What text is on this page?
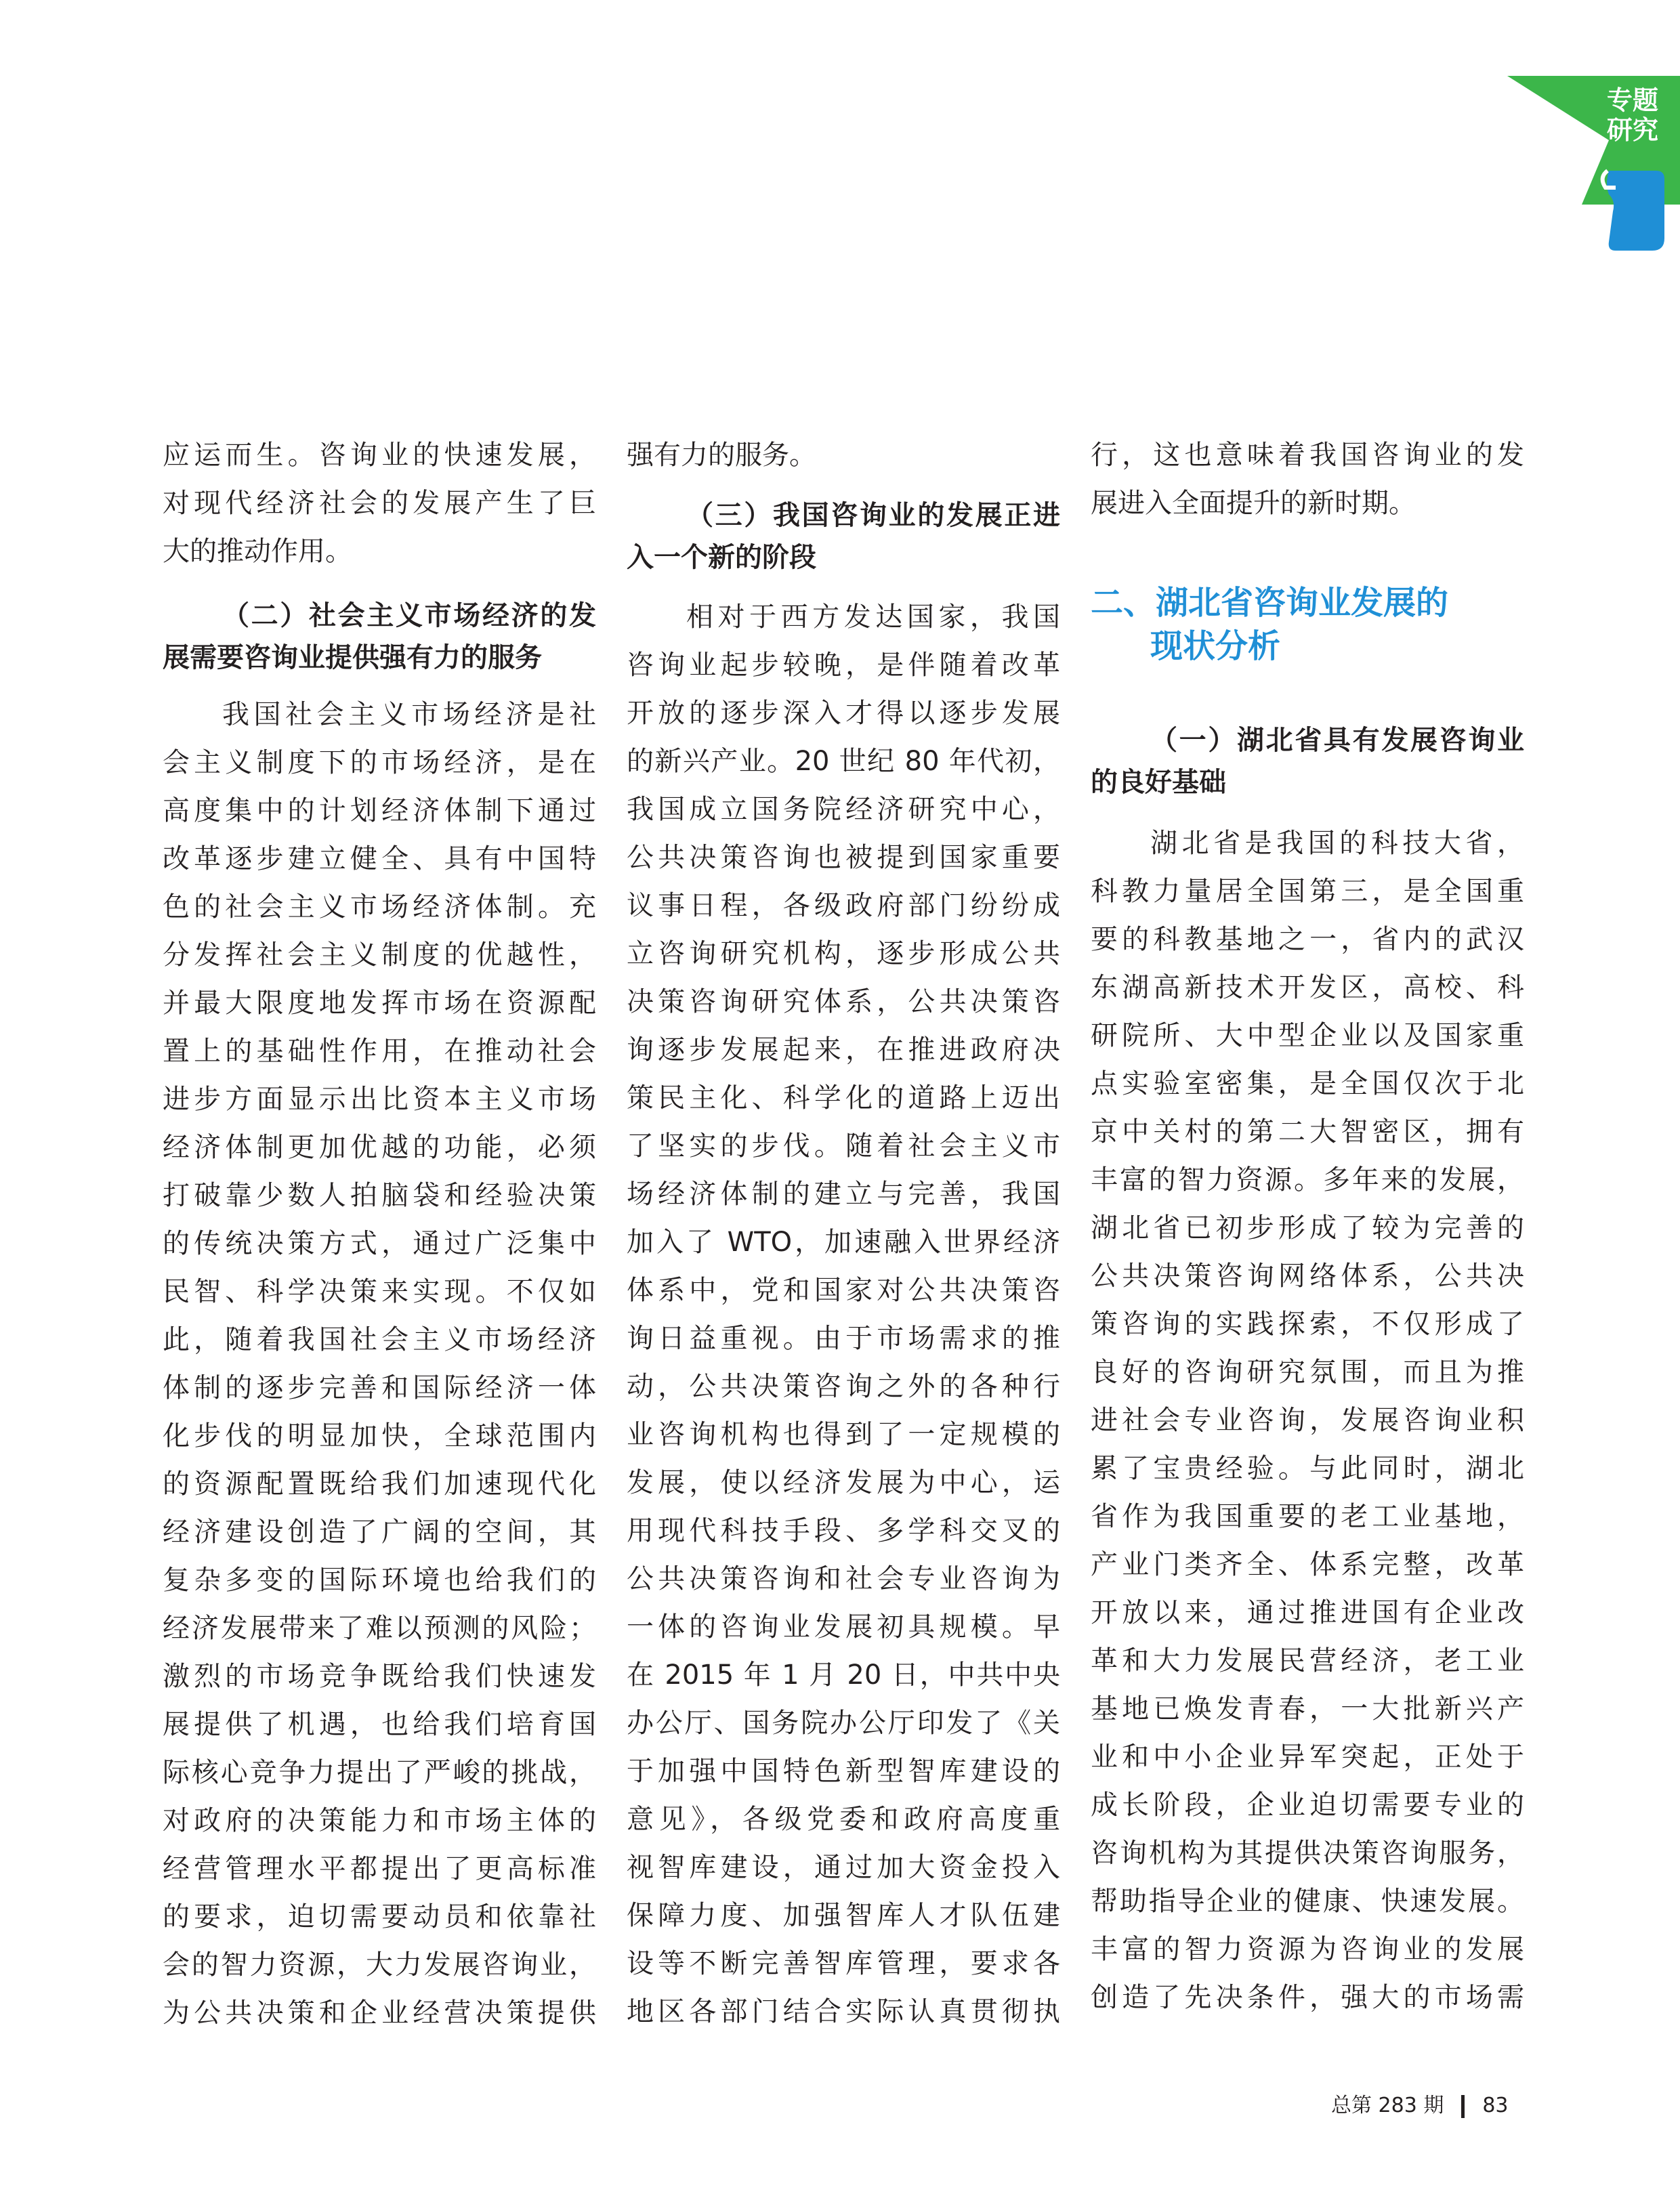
专题
研究
应运而生。咨询业的快速发展，
对现代经济社会的发展产生了巨
大的推动作用。
（二）社会主义市场经济的发
展需要咨询业提供强有力的服务
我国社会主义市场经济是社
会主义制度下的市场经济，是在
高度集中的计划经济体制下通过
改革逐步建立健全、具有中国特
色的社会主义市场经济体制。充
分发挥社会主义制度的优越性，
并最大限度地发挥市场在资源配
置上的基础性作用，在推动社会
进步方面显示出比资本主义市场
经济体制更加优越的功能，必须
打破靠少数人拍脑袋和经验决策
的传统决策方式，通过广泛集中
民智、科学决策来实现。不仅如
此，随着我国社会主义市场经济
体制的逐步完善和国际经济一体
化步伐的明显加快，全球范围内
的资源配置既给我们加速现代化
经济建设创造了广阔的空间，其
复杂多变的国际环境也给我们的
经济发展带来了难以预测的风险；
激烈的市场竞争既给我们快速发
展提供了机遇，也给我们培育国
际核心竞争力提出了严峻的挑战，
对政府的决策能力和市场主体的
经营管理水平都提出了更高标准
的要求，迫切需要动员和依靠社
会的智力资源，大力发展咨询业，
为公共决策和企业经营决策提供
强有力的服务。
（三）我国咨询业的发展正进
入一个新的阶段
相对于西方发达国家，我国
咨询业起步较晚，是伴随着改革
开放的逐步深入才得以逐步发展
的新兴产业。20 世纪 80 年代初，
我国成立国务院经济研究中心，
公共决策咨询也被提到国家重要
议事日程，各级政府部门纷纷成
立咨询研究机构，逐步形成公共
决策咨询研究体系，公共决策咨
询逐步发展起来，在推进政府决
策民主化、科学化的道路上迈出
了坚实的步伐。随着社会主义市
场经济体制的建立与完善，我国
加入了 WTO，加速融入世界经济
体系中，党和国家对公共决策咨
询日益重视。由于市场需求的推
动，公共决策咨询之外的各种行
业咨询机构也得到了一定规模的
发展，使以经济发展为中心，运
用现代科技手段、多学科交叉的
公共决策咨询和社会专业咨询为
一体的咨询业发展初具规模。早
在 2015 年 1 月 20 日，中共中央
办公厅、国务院办公厅印发了《关
于加强中国特色新型智库建设的
意见》，各级党委和政府高度重
视智库建设，通过加大资金投入
保障力度、加强智库人才队伍建
设等不断完善智库管理，要求各
地区各部门结合实际认真贯彻执
行，这也意味着我国咨询业的发
展进入全面提升的新时期。
二、湖北省咨询业发展的
现状分析
（一）湖北省具有发展咨询业
的良好基础
湖北省是我国的科技大省，
科教力量居全国第三，是全国重
要的科教基地之一，省内的武汉
东湖高新技术开发区，高校、科
研院所、大中型企业以及国家重
点实验室密集，是全国仅次于北
京中关村的第二大智密区，拥有
丰富的智力资源。多年来的发展，
湖北省已初步形成了较为完善的
公共决策咨询网络体系，公共决
策咨询的实践探索，不仅形成了
良好的咨询研究氛围，而且为推
进社会专业咨询，发展咨询业积
累了宝贵经验。与此同时，湖北
省作为我国重要的老工业基地，
产业门类齐全、体系完整，改革
开放以来，通过推进国有企业改
革和大力发展民营经济，老工业
基地已焕发青春，一大批新兴产
业和中小企业异军突起，正处于
成长阶段，企业迫切需要专业的
咨询机构为其提供决策咨询服务，
帮助指导企业的健康、快速发展。
丰富的智力资源为咨询业的发展
创造了先决条件，强大的市场需
总第 283 期 83
